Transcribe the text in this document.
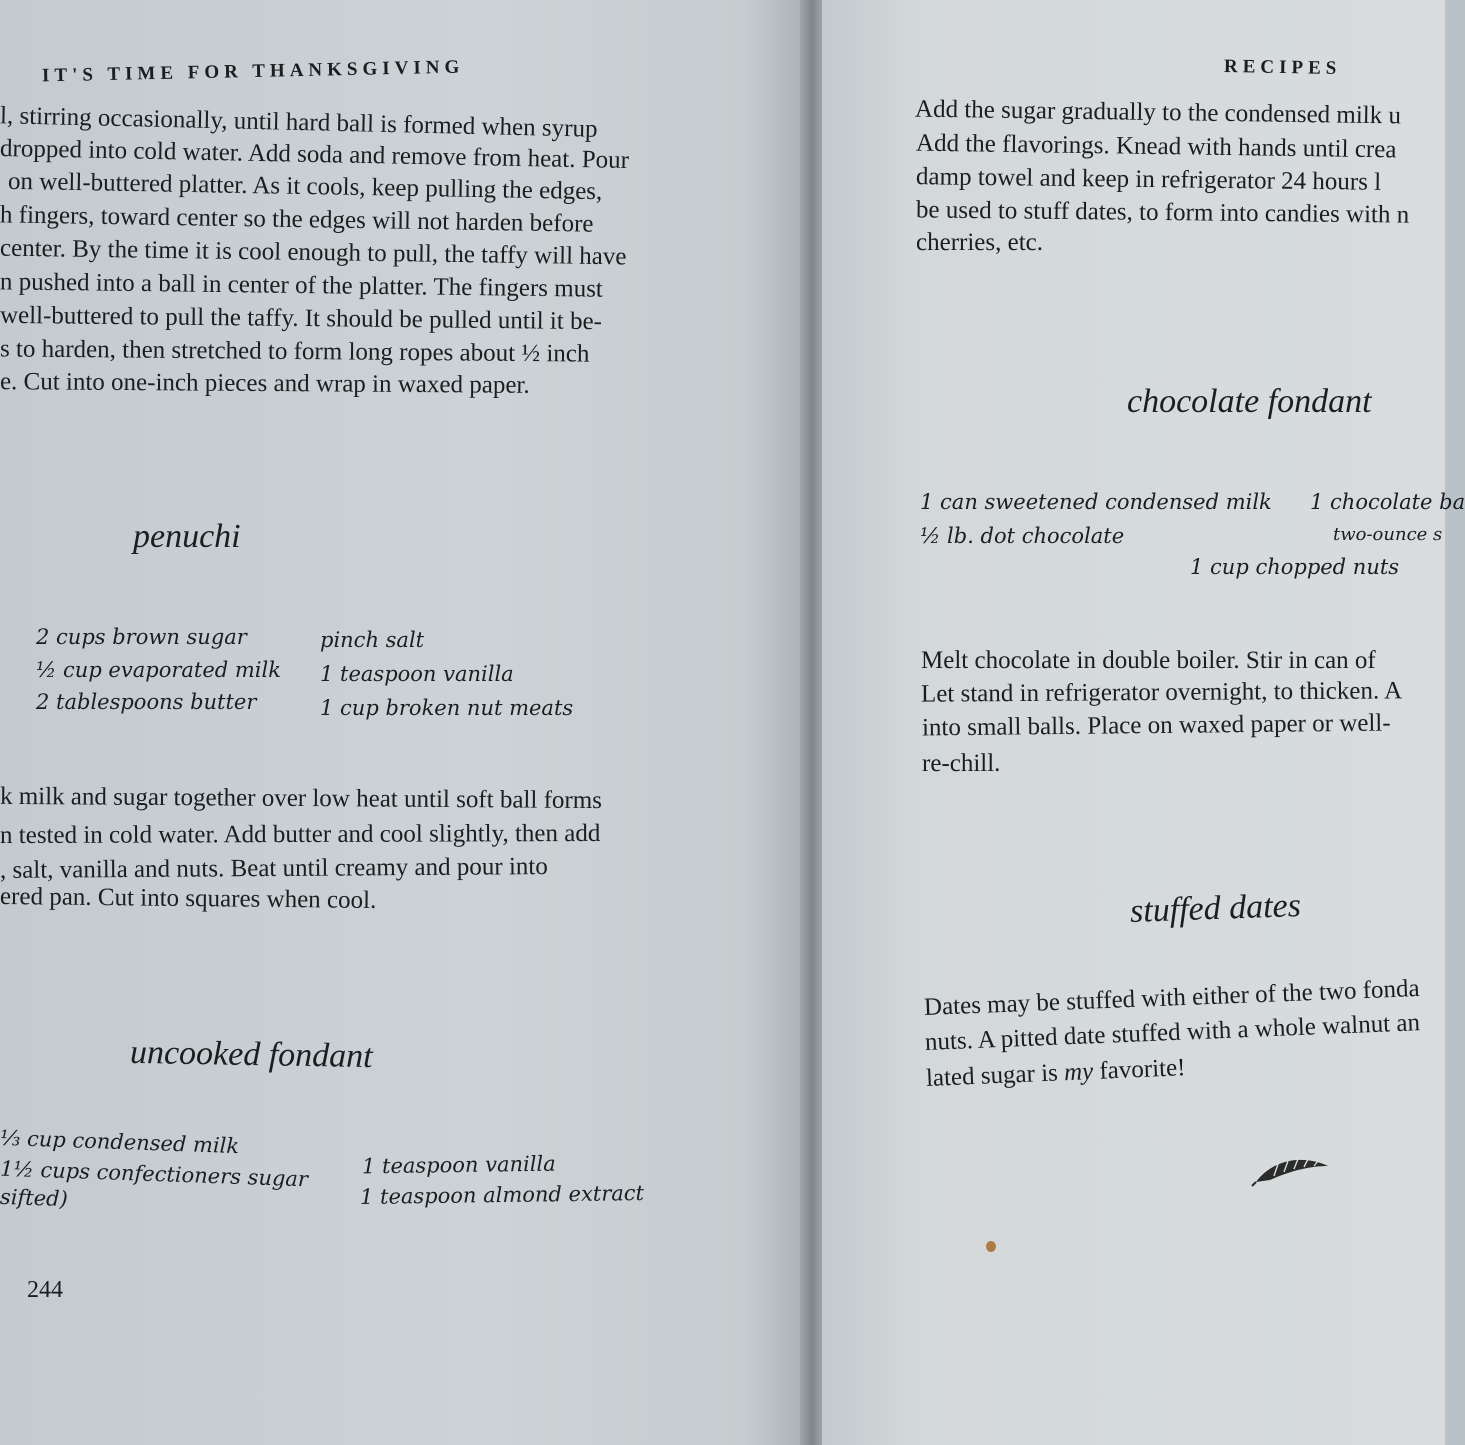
IT'S TIME FOR THANKSGIVING
l, stirring occasionally, until hard ball is formed when syrup
dropped into cold water. Add soda and remove from heat. Pour
on well-buttered platter. As it cools, keep pulling the edges,
h fingers, toward center so the edges will not harden before
center. By the time it is cool enough to pull, the taffy will have
n pushed into a ball in center of the platter. The fingers must
well-buttered to pull the taffy. It should be pulled until it be-
s to harden, then stretched to form long ropes about ½ inch
e. Cut into one-inch pieces and wrap in waxed paper.
penuchi
2 cups brown sugar
½ cup evaporated milk
2 tablespoons butter
pinch salt
1 teaspoon vanilla
1 cup broken nut meats
k milk and sugar together over low heat until soft ball forms
n tested in cold water. Add butter and cool slightly, then add
, salt, vanilla and nuts. Beat until creamy and pour into
ered pan. Cut into squares when cool.
uncooked fondant
⅓ cup condensed milk
1½ cups confectioners sugar
sifted)
1 teaspoon vanilla
1 teaspoon almond extract
244
RECIPES
Add the sugar gradually to the condensed milk u
Add the flavorings. Knead with hands until crea
damp towel and keep in refrigerator 24 hours l
be used to stuff dates, to form into candies with n
cherries, etc.
chocolate fondant
1 can sweetened condensed milk 1 chocolate ba
½ lb. dot chocolate	two-ounce s
1 cup chopped nuts
Melt chocolate in double boiler. Stir in can of
Let stand in refrigerator overnight, to thicken. A
into small balls. Place on waxed paper or well-
re-chill.
stuffed dates
Dates may be stuffed with either of the two fonda
nuts. A pitted date stuffed with a whole walnut an
lated sugar is my favorite!
